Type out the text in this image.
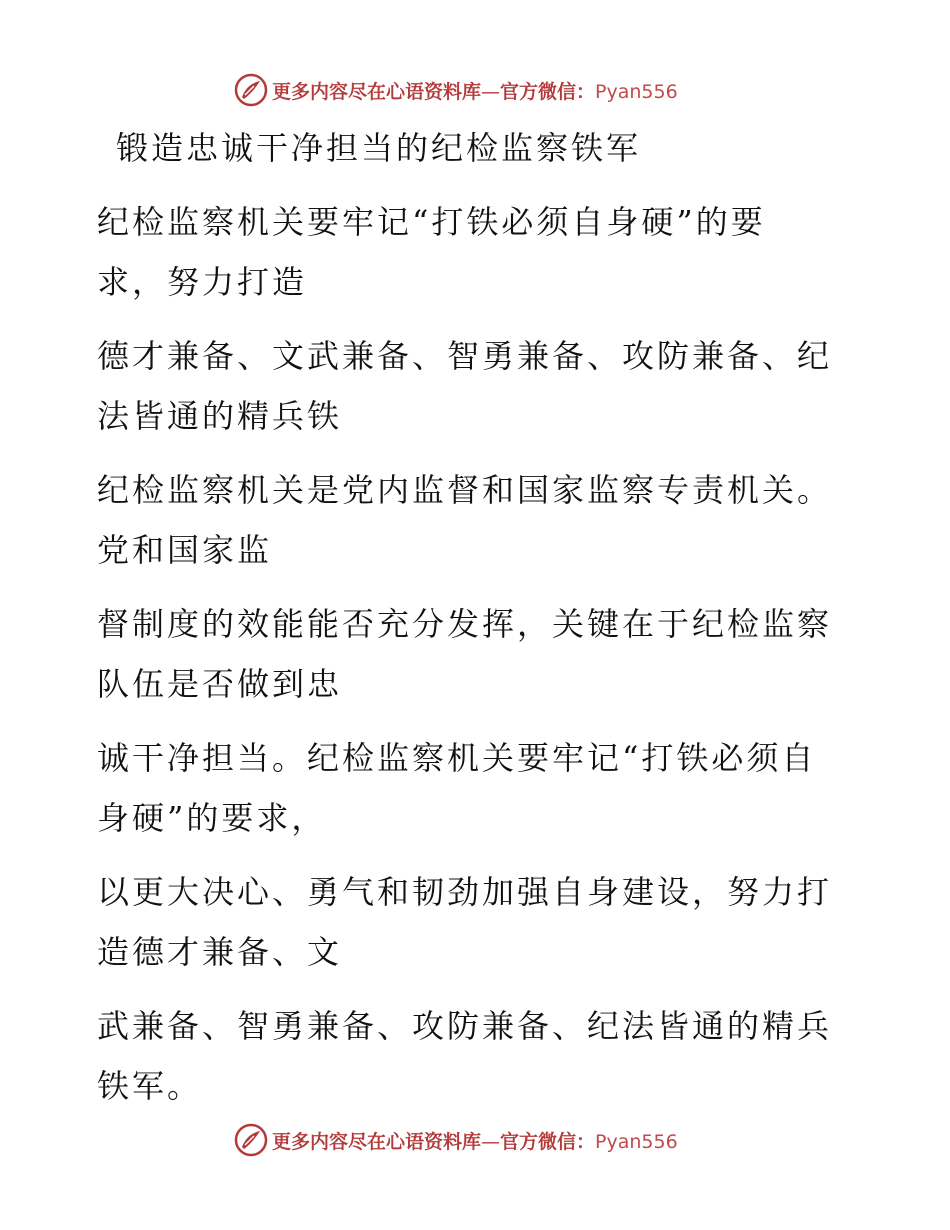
更多内容尽在心语资料库—官方微信：Pyan556
 锻造忠诚干净担当的纪检监察铁军
纪检监察机关要牢记“打铁必须自身硬”的要
求，努力打造
德才兼备、文武兼备、智勇兼备、攻防兼备、纪
法皆通的精兵铁
纪检监察机关是党内监督和国家监察专责机关。
党和国家监
督制度的效能能否充分发挥，关键在于纪检监察
队伍是否做到忠
诚干净担当。纪检监察机关要牢记“打铁必须自
身硬”的要求，
以更大决心、勇气和韧劲加强自身建设，努力打
造德才兼备、文
武兼备、智勇兼备、攻防兼备、纪法皆通的精兵
铁军。
更多内容尽在心语资料库—官方微信：Pyan556
